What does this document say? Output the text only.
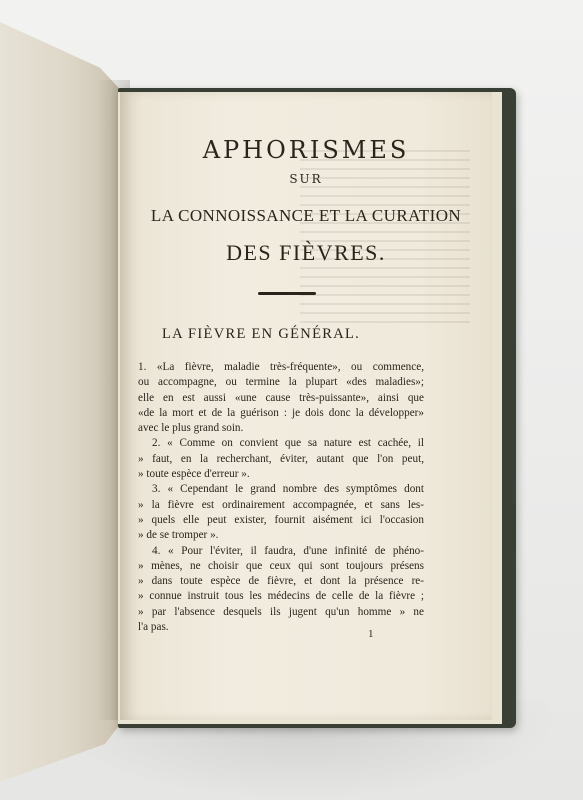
APHORISMES
SUR
LA CONNOISSANCE ET LA CURATION
DES FIÈVRES.
LA FIÈVRE EN GÉNÉRAL.
1. «La fièvre, maladie très-fréquente», ou commence,
ou accompagne, ou termine la plupart «des maladies»;
elle en est aussi «une cause très-puissante», ainsi que
«de la mort et de la guérison : je dois donc la développer»
avec le plus grand soin.
2. « Comme on convient que sa nature est cachée, il
» faut, en la recherchant, éviter, autant que l'on peut,
» toute espèce d'erreur ».
3. « Cependant le grand nombre des symptômes dont
» la fièvre est ordinairement accompagnée, et sans les-
» quels elle peut exister, fournit aisément ici l'occasion
» de se tromper ».
4. « Pour l'éviter, il faudra, d'une infinité de phéno-
» mènes, ne choisir que ceux qui sont toujours présens
» dans toute espèce de fièvre, et dont la présence re-
» connue instruit tous les médecins de celle de la fièvre ;
» par l'absence desquels ils jugent qu'un homme » ne
l'a pas.
1
